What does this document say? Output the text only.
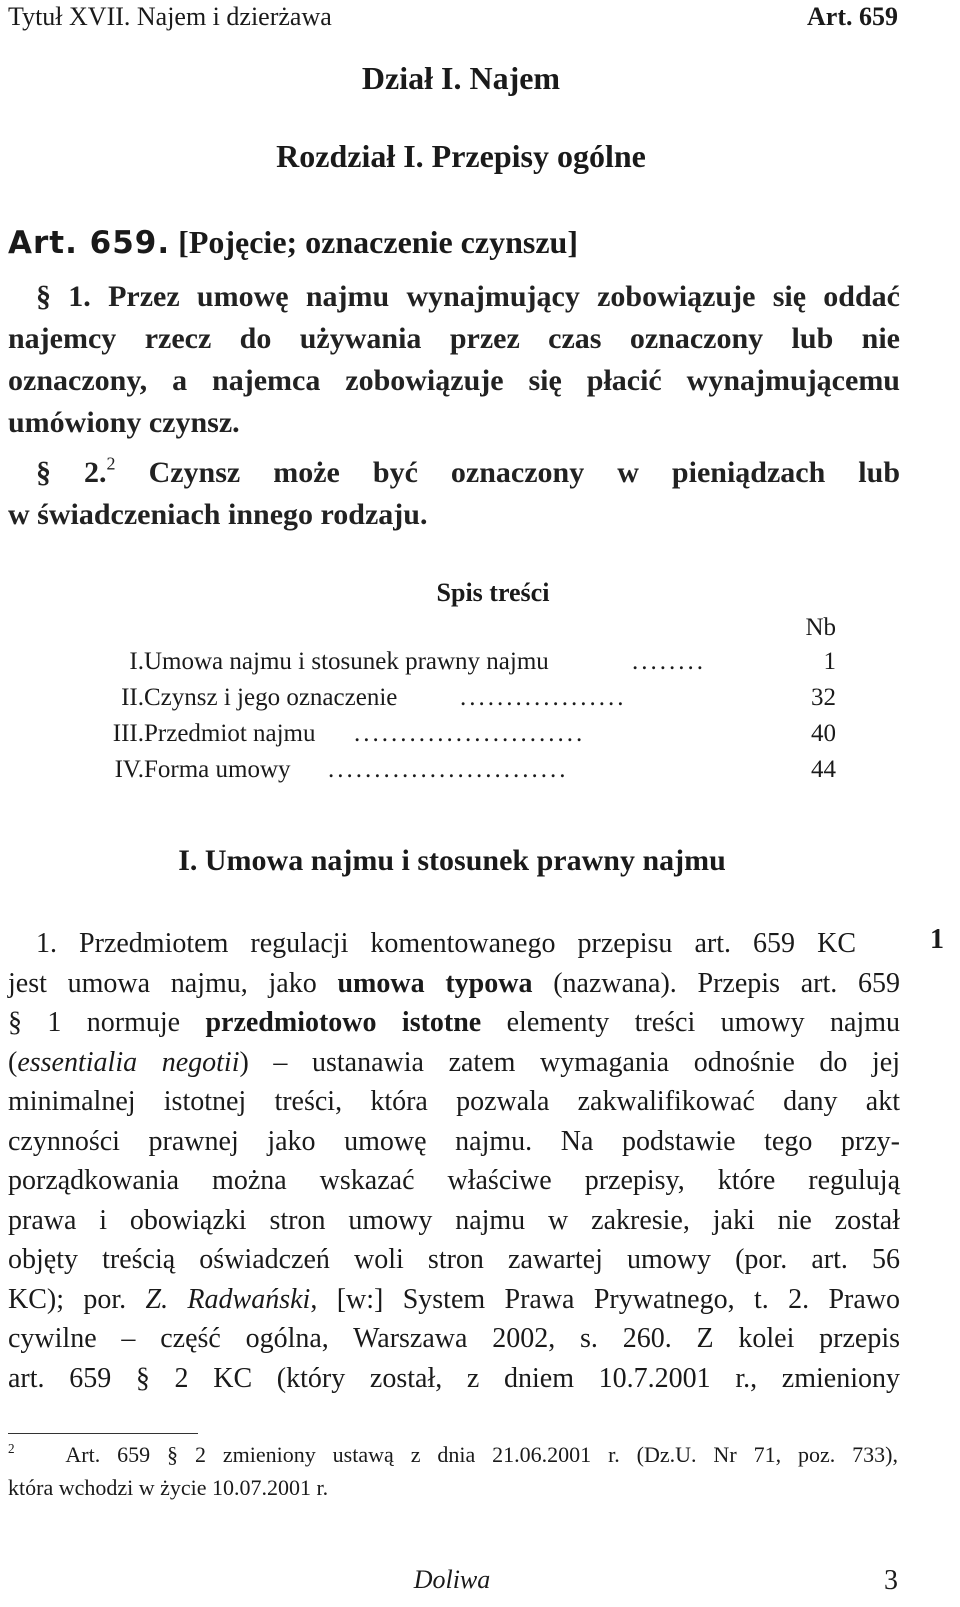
Tytuł XVII. Najem i dzierżawa	Art. 659
Dział I. Najem
Rozdział I. Przepisy ogólne
Art. 659. [Pojęcie; oznaczenie czynszu]
§ 1. Przez umowę najmu wynajmujący zobowiązuje się oddać
najemcy rzecz do używania przez czas oznaczony lub nie
oznaczony, a najemca zobowiązuje się płacić wynajmującemu
umówiony czynsz.
§ 2.$^2$ Czynsz może być oznaczony w pieniądzach lub
w świadczeniach innego rodzaju.
Spis treści
Nb
I. Umowa najmu i stosunek prawny najmu	........	1
II. Czynsz i jego oznaczenie	..................	32
III. Przedmiot najmu .........................	40
IV. Forma umowy ..........................	44
I. Umowa najmu i stosunek prawny najmu
1
1. Przedmiotem regulacji komentowanego przepisu art. 659 KC
jest umowa najmu, jako umowa typowa (nazwana). Przepis art. 659
§ 1 normuje przedmiotowo istotne elementy treści umowy najmu
(essentialia negotii) – ustanawia zatem wymagania odnośnie do jej
minimalnej istotnej treści, która pozwala zakwalifikować dany akt
czynności prawnej jako umowę najmu. Na podstawie tego przy-
porządkowania można wskazać właściwe przepisy, które regulują
prawa i obowiązki stron umowy najmu w zakresie, jaki nie został
objęty treścią oświadczeń woli stron zawartej umowy (por. art. 56
KC); por. Z. Radwański, [w:] System Prawa Prywatnego, t. 2. Prawo
cywilne – część ogólna, Warszawa 2002, s. 260. Z kolei przepis
art. 659 § 2 KC (który został, z dniem 10.7.2001 r., zmieniony
$^2$ Art. 659 § 2 zmieniony ustawą z dnia 21.06.2001 r. (Dz.U. Nr 71, poz. 733),
która wchodzi w życie 10.07.2001 r.
Doliwa	3
